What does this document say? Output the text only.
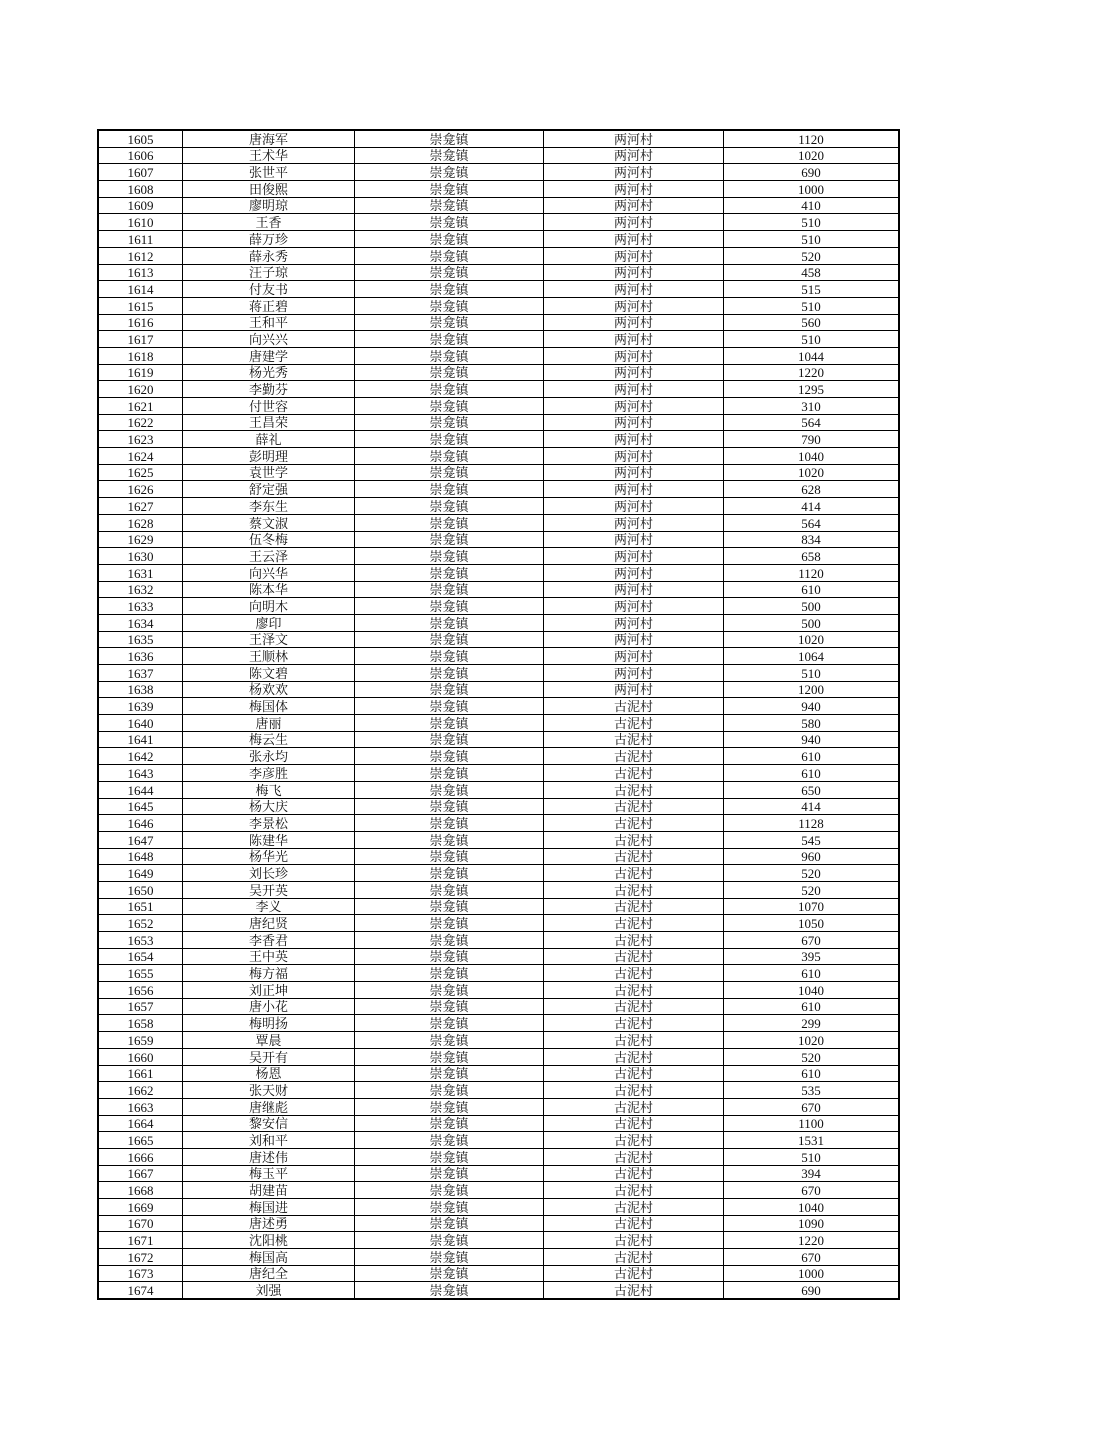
1605	唐海军	崇龛镇	两河村	1120
1606	王术华	崇龛镇	两河村	1020
1607	张世平	崇龛镇	两河村	690
1608	田俊熙	崇龛镇	两河村	1000
1609	廖明琼	崇龛镇	两河村	410
1610	王香	崇龛镇	两河村	510
1611	薛万珍	崇龛镇	两河村	510
1612	薛永秀	崇龛镇	两河村	520
1613	汪子琼	崇龛镇	两河村	458
1614	付友书	崇龛镇	两河村	515
1615	蒋正碧	崇龛镇	两河村	510
1616	王和平	崇龛镇	两河村	560
1617	向兴兴	崇龛镇	两河村	510
1618	唐建学	崇龛镇	两河村	1044
1619	杨光秀	崇龛镇	两河村	1220
1620	李勤芬	崇龛镇	两河村	1295
1621	付世容	崇龛镇	两河村	310
1622	王昌荣	崇龛镇	两河村	564
1623	薛礼	崇龛镇	两河村	790
1624	彭明理	崇龛镇	两河村	1040
1625	袁世学	崇龛镇	两河村	1020
1626	舒定强	崇龛镇	两河村	628
1627	李东生	崇龛镇	两河村	414
1628	蔡文淑	崇龛镇	两河村	564
1629	伍冬梅	崇龛镇	两河村	834
1630	王云泽	崇龛镇	两河村	658
1631	向兴华	崇龛镇	两河村	1120
1632	陈本华	崇龛镇	两河村	610
1633	向明木	崇龛镇	两河村	500
1634	廖印	崇龛镇	两河村	500
1635	王泽文	崇龛镇	两河村	1020
1636	王顺林	崇龛镇	两河村	1064
1637	陈文碧	崇龛镇	两河村	510
1638	杨欢欢	崇龛镇	两河村	1200
1639	梅国体	崇龛镇	古泥村	940
1640	唐丽	崇龛镇	古泥村	580
1641	梅云生	崇龛镇	古泥村	940
1642	张永均	崇龛镇	古泥村	610
1643	李彦胜	崇龛镇	古泥村	610
1644	梅飞	崇龛镇	古泥村	650
1645	杨大庆	崇龛镇	古泥村	414
1646	李景松	崇龛镇	古泥村	1128
1647	陈建华	崇龛镇	古泥村	545
1648	杨华光	崇龛镇	古泥村	960
1649	刘长珍	崇龛镇	古泥村	520
1650	吴开英	崇龛镇	古泥村	520
1651	李义	崇龛镇	古泥村	1070
1652	唐纪贤	崇龛镇	古泥村	1050
1653	李香君	崇龛镇	古泥村	670
1654	王中英	崇龛镇	古泥村	395
1655	梅方福	崇龛镇	古泥村	610
1656	刘正坤	崇龛镇	古泥村	1040
1657	唐小花	崇龛镇	古泥村	610
1658	梅明扬	崇龛镇	古泥村	299
1659	覃晨	崇龛镇	古泥村	1020
1660	吴开有	崇龛镇	古泥村	520
1661	杨恩	崇龛镇	古泥村	610
1662	张天财	崇龛镇	古泥村	535
1663	唐继彪	崇龛镇	古泥村	670
1664	黎安信	崇龛镇	古泥村	1100
1665	刘和平	崇龛镇	古泥村	1531
1666	唐述伟	崇龛镇	古泥村	510
1667	梅玉平	崇龛镇	古泥村	394
1668	胡建苗	崇龛镇	古泥村	670
1669	梅国进	崇龛镇	古泥村	1040
1670	唐述勇	崇龛镇	古泥村	1090
1671	沈阳桃	崇龛镇	古泥村	1220
1672	梅国高	崇龛镇	古泥村	670
1673	唐纪全	崇龛镇	古泥村	1000
1674	刘强	崇龛镇	古泥村	690
